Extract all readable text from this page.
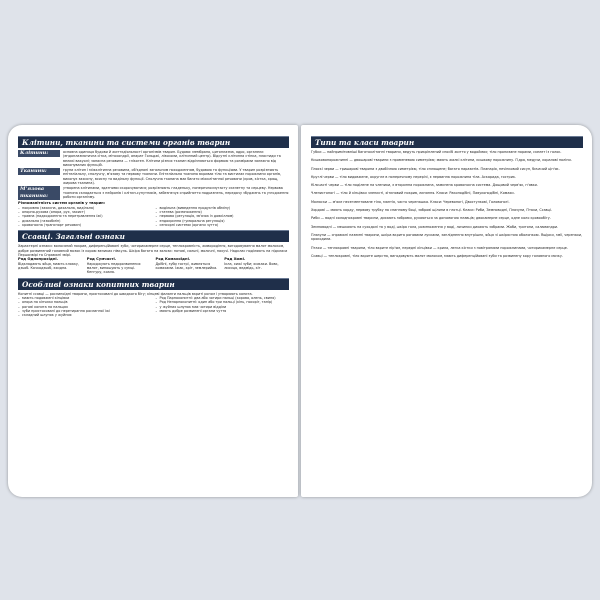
Клітини, тканини та системи органів тварин
Клітини:	основна одиниця будови й життєдіяльності організмів тварин. Будова: мембрана, цитоплазма, ядро, органели (ендоплазматична сітка, мітохондрії, апарат Гольджі, лізосоми, клітинний центр). Відсутні клітинна стінка, пластиди та великі вакуолі; запасна речовина — глікоген. Клітини різних тканин відрізняються формою та розмірами залежно від виконуваних функцій.
Тканини:	групи клітин і міжклітинна речовина, об'єднані загальним походженням, будовою та функціями. У тварин розрізняють епітеліальну, сполучну, м'язову та нервову тканини. Епітеліальна тканина вкриває тіло та вистилає порожнини органів, виконує захисну, всисну та видільну функції. Сполучна тканина має багато міжклітинної речовини (кров, кістка, хрящ, жирова тканина).
М'язова тканина:
утворена клітинами, здатними скорочуватися; розрізняють гладеньку, поперечносмугасту скелетну та серцеву. Нервова тканина складається з нейронів і клітин-супутників, забезпечує сприйняття подразнень, передачу збуджень та узгодження роботи організму.
Різноманітність систем органів у тварин:
– покривна (захисна, дихальна, видільна)
– опорно-рухова (опора, рух, захист)
– травна (надходження та перетравлення їжі)
– дихальна (газообмін)
– кровоносна (транспорт речовин)
– видільна (виведення продуктів обміну)
– статева (розмноження)
– нервова (регуляція, зв'язок із довкіллям)
– ендокринна (гуморальна регуляція)
– сенсорні системи (органи чуття)
Ссавці. Загальні ознаки
Характерні ознаки: волосяний покрив, диференційовані зуби, чотирикамерне серце, теплокровність, живородіння, вигодовування малят молоком, добре розвинений головний мозок із корою великих півкуль. Шкіра багата на залози: потові, сальні, молочні, пахучі. Надклас поділяють на підкласи Першозвірі та Справжні звірі.
Ряд Однопрохідні.
Відкладають яйця, мають клоаку, дзьоб. Качкодзьоб, єхидна.
Ряд Сумчасті.
Народжують недорозвинених малят, виношують у сумці. Кенгуру, коала.
Ряд Комахоїдні.
Дрібні, зуби гострі, живляться комахами. Їжак, кріт, землерийка.
Ряд Хижі.
Ікла, хижі зуби; хижаки. Вовк, лисиця, ведмідь, кіт.
Особливі ознаки копитних тварин
Копитні ссавці — рослиноїдні тварини, пристосовані до швидкого бігу; кінцеві фаланги пальців вкриті рогом і утворюють копита.
– мають подовжені кінцівки
– опора на кінчики пальців
– рогові копита на пальцях
– зуби пристосовані до перетирання рослинної їжі
– складний шлунок у жуйних
– Ряд Парнокопитні: два або чотири пальці (корова, олень, свиня)
– Ряд Непарнокопитні: один або три пальці (кінь, носоріг, тапір)
– у жуйних шлунок має чотири відділи
– мають добре розвинені органи чуття
Типи та класи тварин

Губки — найпримітивніші багатоклітинні тварини, ведуть прикріплений спосіб життя у водоймах; тіло пронизане порами, скелет із голок.

Кишковопорожнинні — двошарові тварини з променевою симетрією; мають жалкі клітини, кишкову порожнину. Гідра, медузи, коралові поліпи.

Плоскі черви — тришарові тварини з двобічною симетрією, тіло сплющене; багато паразитів. Планарія, печінковий сисун, бичачий ціп'як.

Круглі черви — тіло видовжене, округле в поперечному перерізі, є первинна порожнина тіла. Аскарида, гострик.

Кільчасті черви — тіло поділене на членики, є вторинна порожнина, замкнена кровоносна система. Дощовий черв'як, п'явки.

Членистоногі — тіло й кінцівки членисті, хітиновий покрив, линяння. Класи: Ракоподібні, Павукоподібні, Комахи.

Молюски — м'яке несегментоване тіло, мантія, часто черепашка. Класи: Черевоногі, Двостулкові, Головоногі.

Хордові — мають хорду, нервову трубку на спинному боці, зяброві щілини в глотці. Класи: Риби, Земноводні, Плазуни, Птахи, Ссавці.

Риби — водні холоднокровні тварини, дихають зябрами, рухаються за допомогою плавців; двокамерне серце, одне коло кровообігу.

Земноводні — мешкають на суходолі та у воді, шкіра гола, розмноження у воді, личинки дихають зябрами. Жаби, тритони, саламандри.

Плазуни — справжні наземні тварини, шкіра вкрита роговими лусками, запліднення внутрішнє, яйця зі шкірястою оболонкою. Ящірки, змії, черепахи, крокодили.

Птахи — теплокровні тварини, тіло вкрите пір'ям, передні кінцівки — крила, легка кістки з повітряними порожнинами, чотирикамерне серце.

Ссавці — теплокровні, тіло вкрите шерстю, вигодовують малят молоком, мають диференційовані зуби та розвинену кору головного мозку.
